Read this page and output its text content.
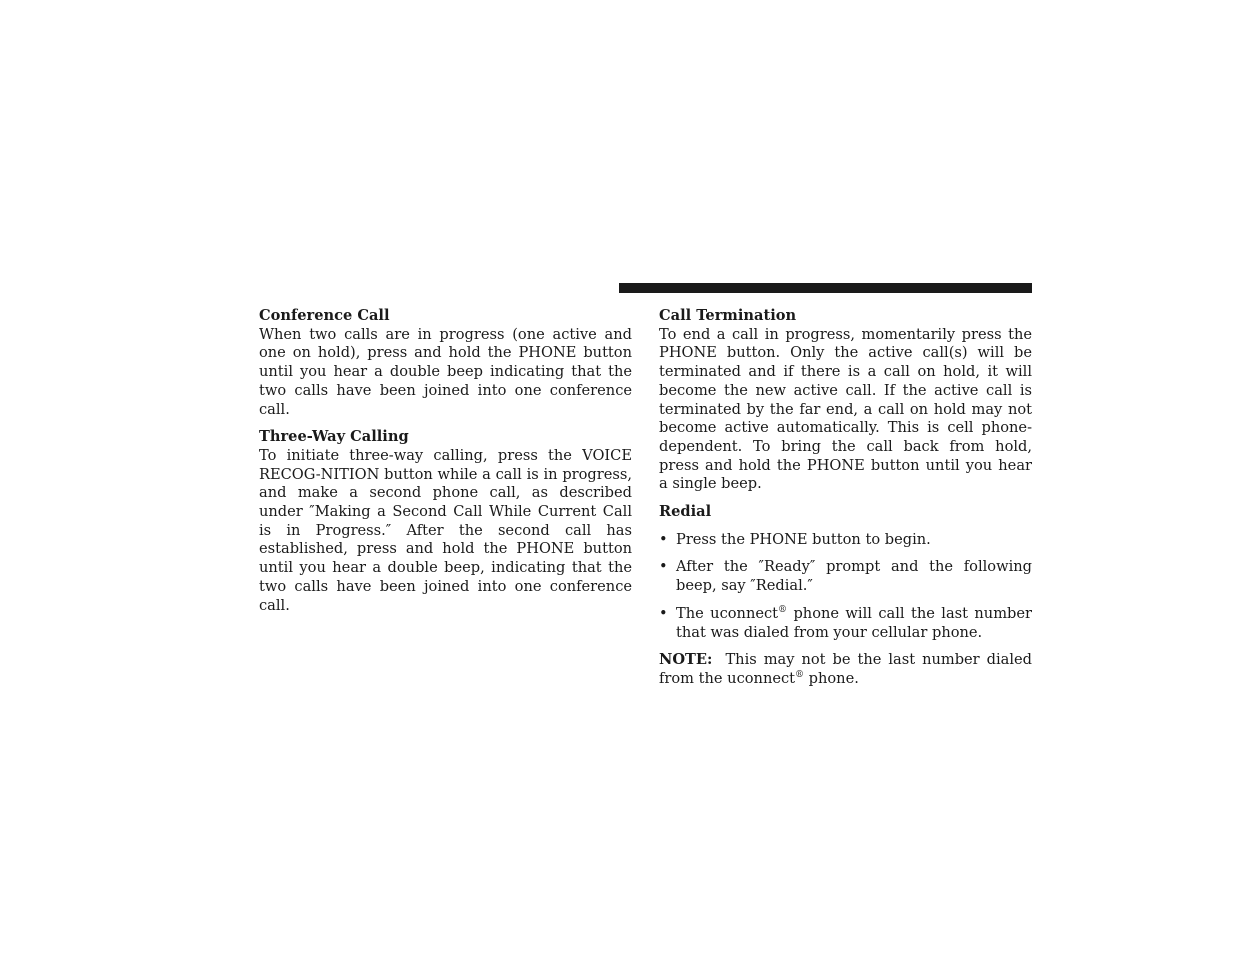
Conference Call

When two calls are in progress (one active and one on hold), press and hold the PHONE button until you hear a double beep indicating that the two calls have been joined into one conference call.

Three-Way Calling

To initiate three-way calling, press the VOICE RECOG-NITION button while a call is in progress, and make a second phone call, as described under ″Making a Second Call While Current Call is in Progress.″ After the second call has established, press and hold the PHONE button until you hear a double beep, indicating that the two calls have been joined into one conference call.

Call Termination

To end a call in progress, momentarily press the PHONE button. Only the active call(s) will be terminated and if there is a call on hold, it will become the new active call. If the active call is terminated by the far end, a call on hold may not become active automatically. This is cell phone-dependent. To bring the call back from hold, press and hold the PHONE button until you hear a single beep.

Redial

• Press the PHONE button to begin.
• After the ″Ready″ prompt and the following beep, say ″Redial.″
• The uconnect® phone will call the last number that was dialed from your cellular phone.

NOTE: This may not be the last number dialed from the uconnect® phone.
